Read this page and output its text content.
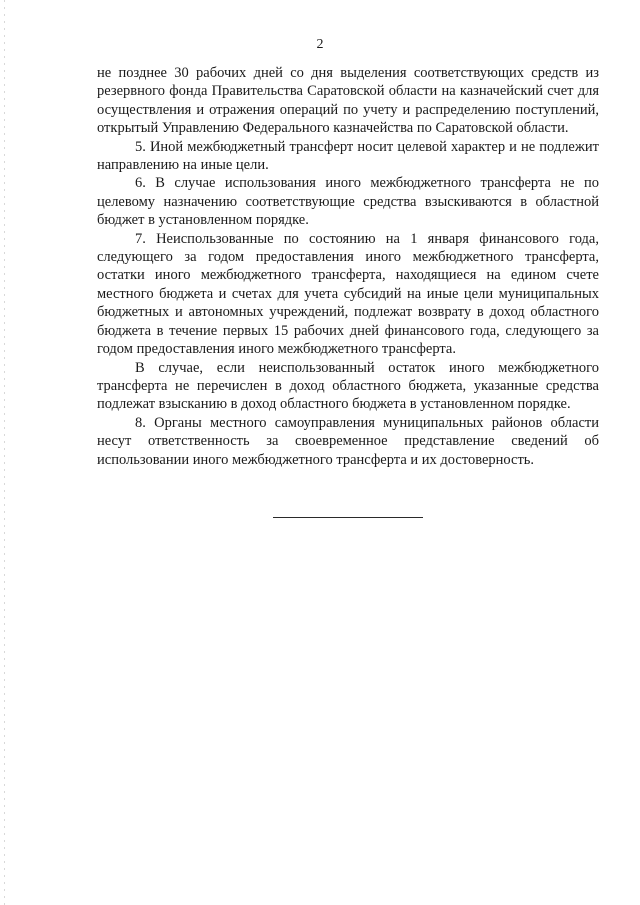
2

не позднее 30 рабочих дней со дня выделения соответствующих средств из резервного фонда Правительства Саратовской области на казначейский счет для осуществления и отражения операций по учету и распределению поступлений, открытый Управлению Федерального казначейства по Саратовской области.

5. Иной межбюджетный трансферт носит целевой характер и не подлежит направлению на иные цели.

6. В случае использования иного межбюджетного трансферта не по целевому назначению соответствующие средства взыскиваются в областной бюджет в установленном порядке.

7. Неиспользованные по состоянию на 1 января финансового года, следующего за годом предоставления иного межбюджетного трансферта, остатки иного межбюджетного трансферта, находящиеся на едином счете местного бюджета и счетах для учета субсидий на иные цели муниципальных бюджетных и автономных учреждений, подлежат возврату в доход областного бюджета в течение первых 15 рабочих дней финансового года, следующего за годом предоставления иного межбюджетного трансферта.

В случае, если неиспользованный остаток иного межбюджетного трансферта не перечислен в доход областного бюджета, указанные средства подлежат взысканию в доход областного бюджета в установленном порядке.

8. Органы местного самоуправления муниципальных районов области несут ответственность за своевременное представление сведений об использовании иного межбюджетного трансферта и их достоверность.
